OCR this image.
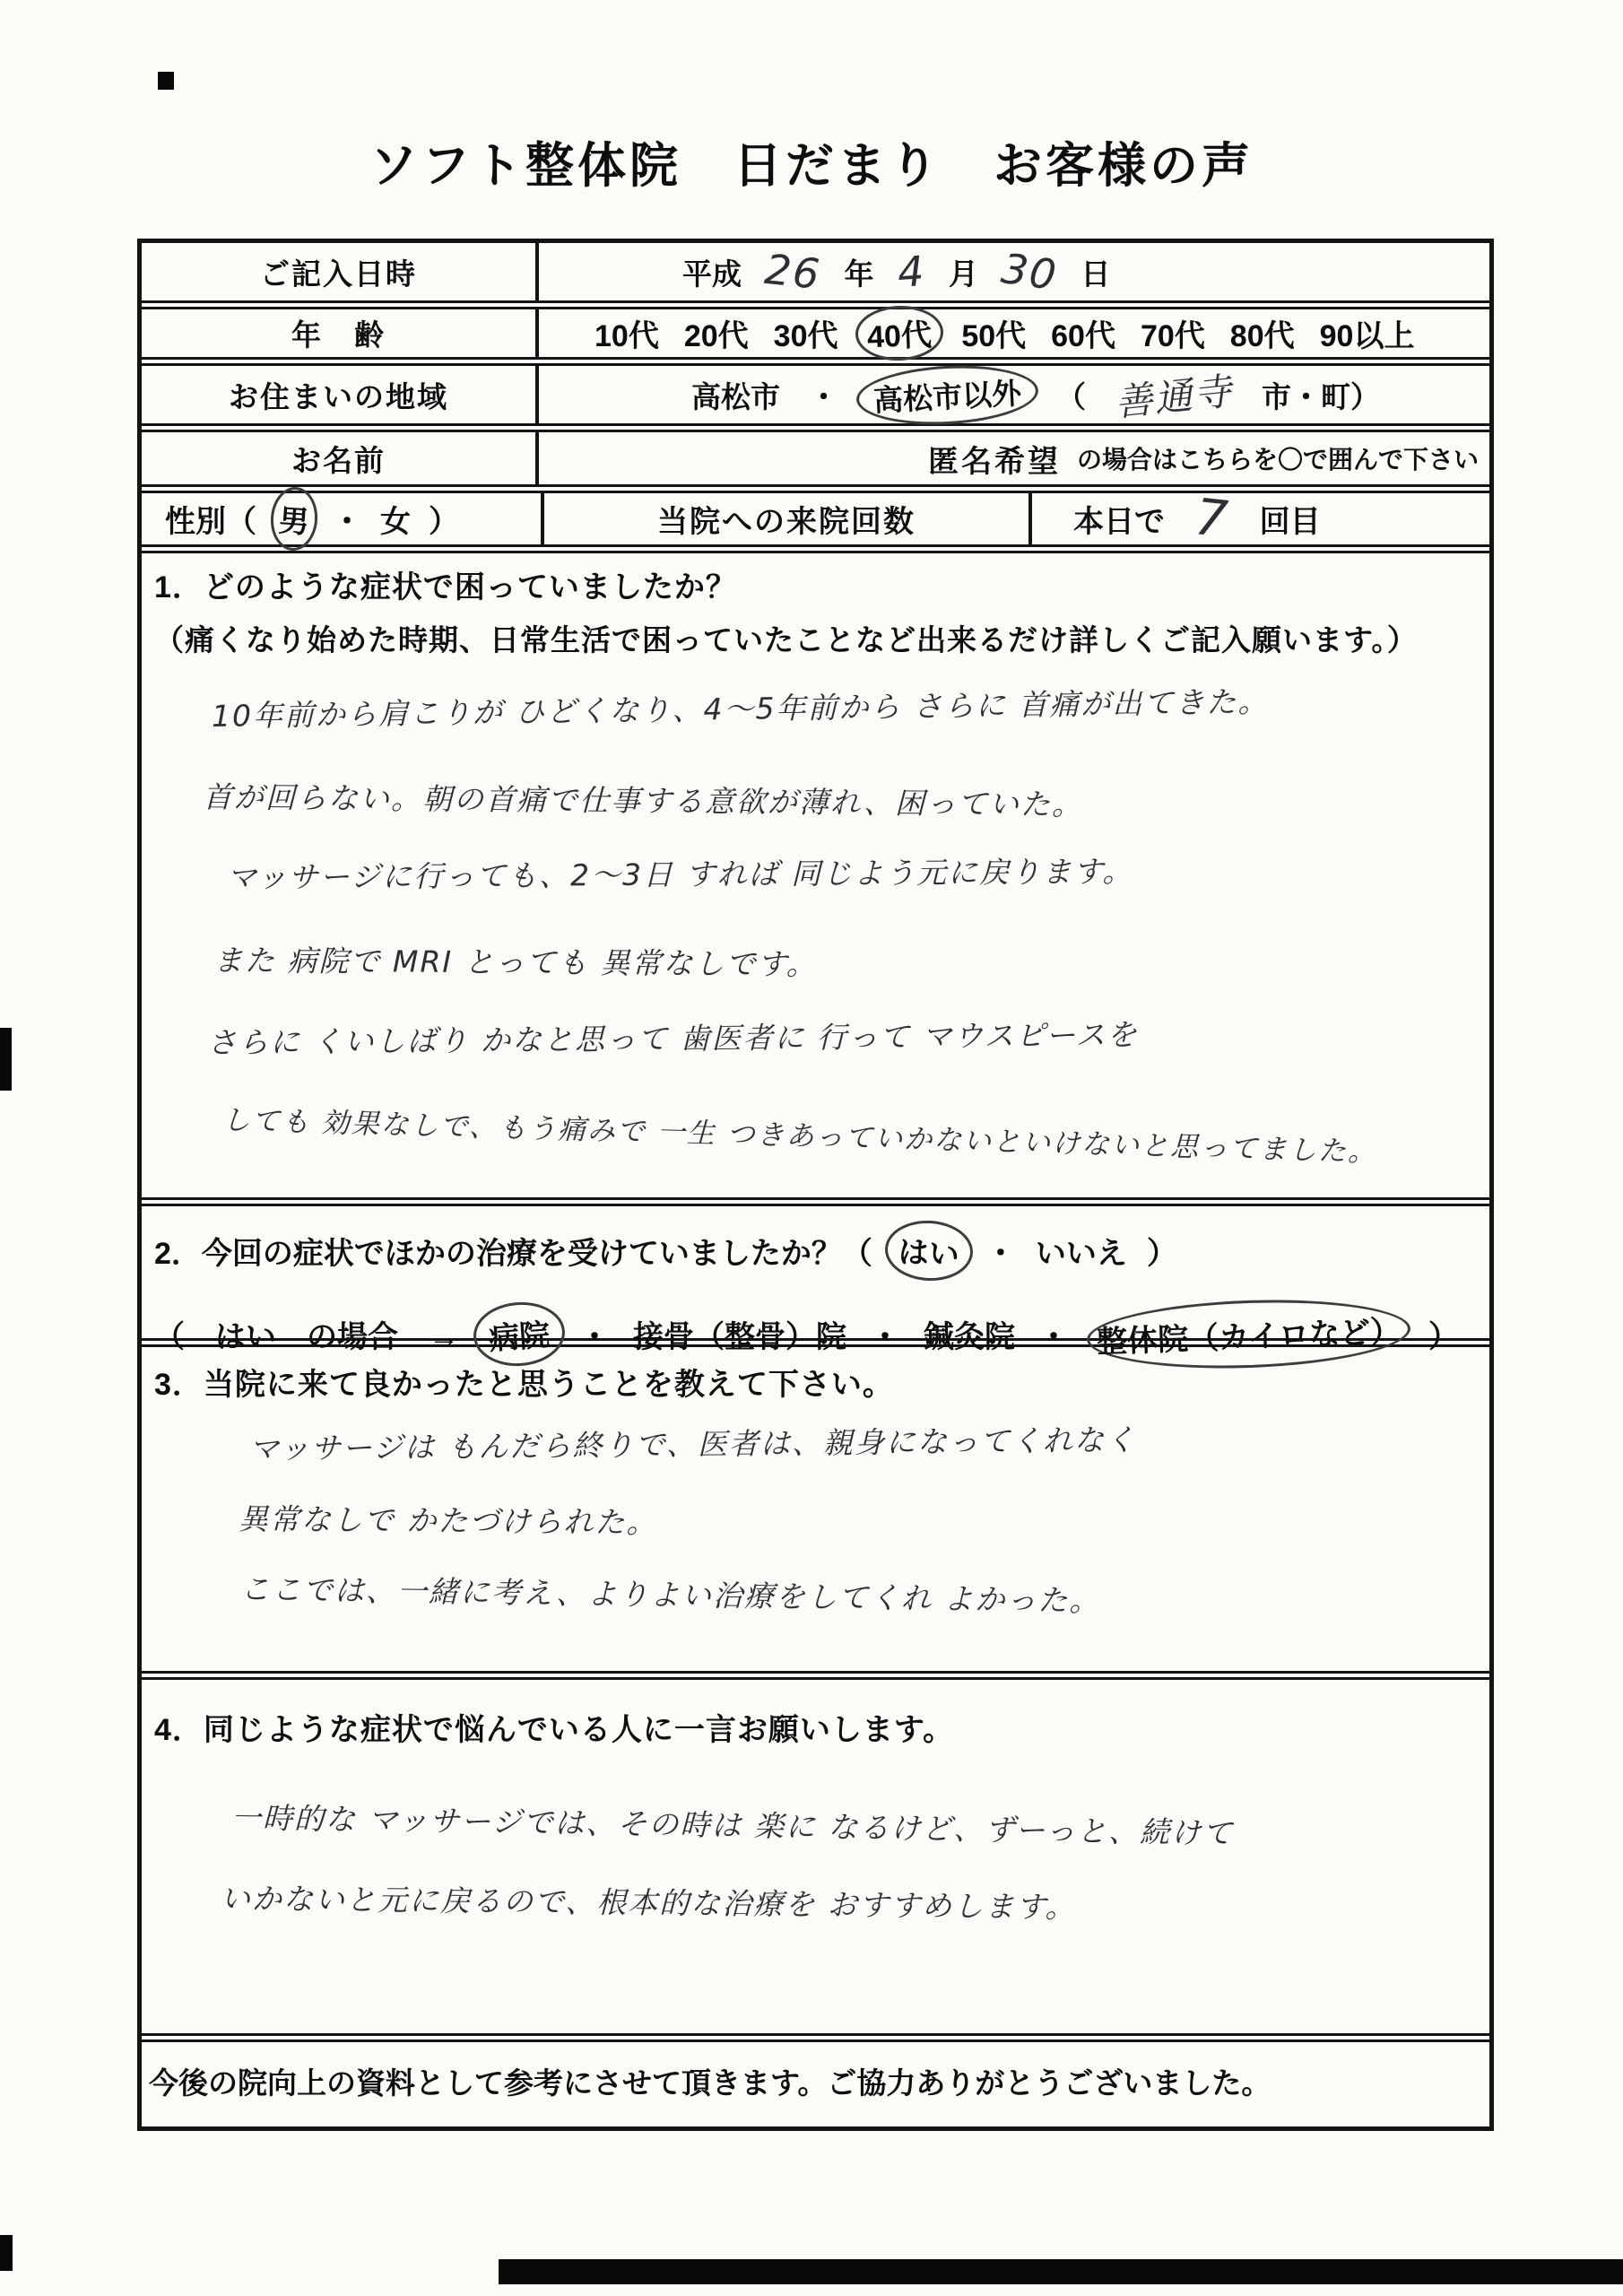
ソフト整体院　日だまり　お客様の声
ご記入日時	平成 26 年 4 月 30 日
年　齢	10代 20代 30代 40代 50代 60代 70代 80代 90以上
お住まいの地域	高松市 ・	高松市以外	（ 善通寺 市・町）
お名前	匿名希望 の場合はこちらを〇で囲んで下さい
性別（ 男 ・ 女 ）	当院への来院回数	本日で 7 回目
1．どのような症状で困っていましたか？
（痛くなり始めた時期、日常生活で困っていたことなど出来るだけ詳しくご記入願います。）
10年前から肩こりが ひどくなり、4〜5年前から さらに 首痛が出てきた。
首が回らない。朝の首痛で仕事する意欲が薄れ、困っていた。
マッサージに行っても、2〜3日 すれば 同じよう元に戻ります。
また 病院で MRI とっても 異常なしです。
さらに くいしばり かなと思って 歯医者に 行って マウスピースを
しても 効果なしで、もう痛みで 一生 つきあっていかないといけないと思ってました。
2．今回の症状でほかの治療を受けていましたか？（ はい ・ いいえ ）
（　はい　の場合　→ 病院 ・ 接骨（整骨）院 ・ 鍼灸院 ・ 整体院（カイロなど） ）
3．当院に来て良かったと思うことを教えて下さい。
マッサージは もんだら終りで、医者は、親身になってくれなく
異常なしで かたづけられた。
ここでは、一緒に考え、よりよい治療をしてくれ よかった。
4．同じような症状で悩んでいる人に一言お願いします。
一時的な マッサージでは、その時は 楽に なるけど、ずーっと、続けて
いかないと元に戻るので、根本的な治療を おすすめします。
今後の院向上の資料として参考にさせて頂きます。ご協力ありがとうございました。
